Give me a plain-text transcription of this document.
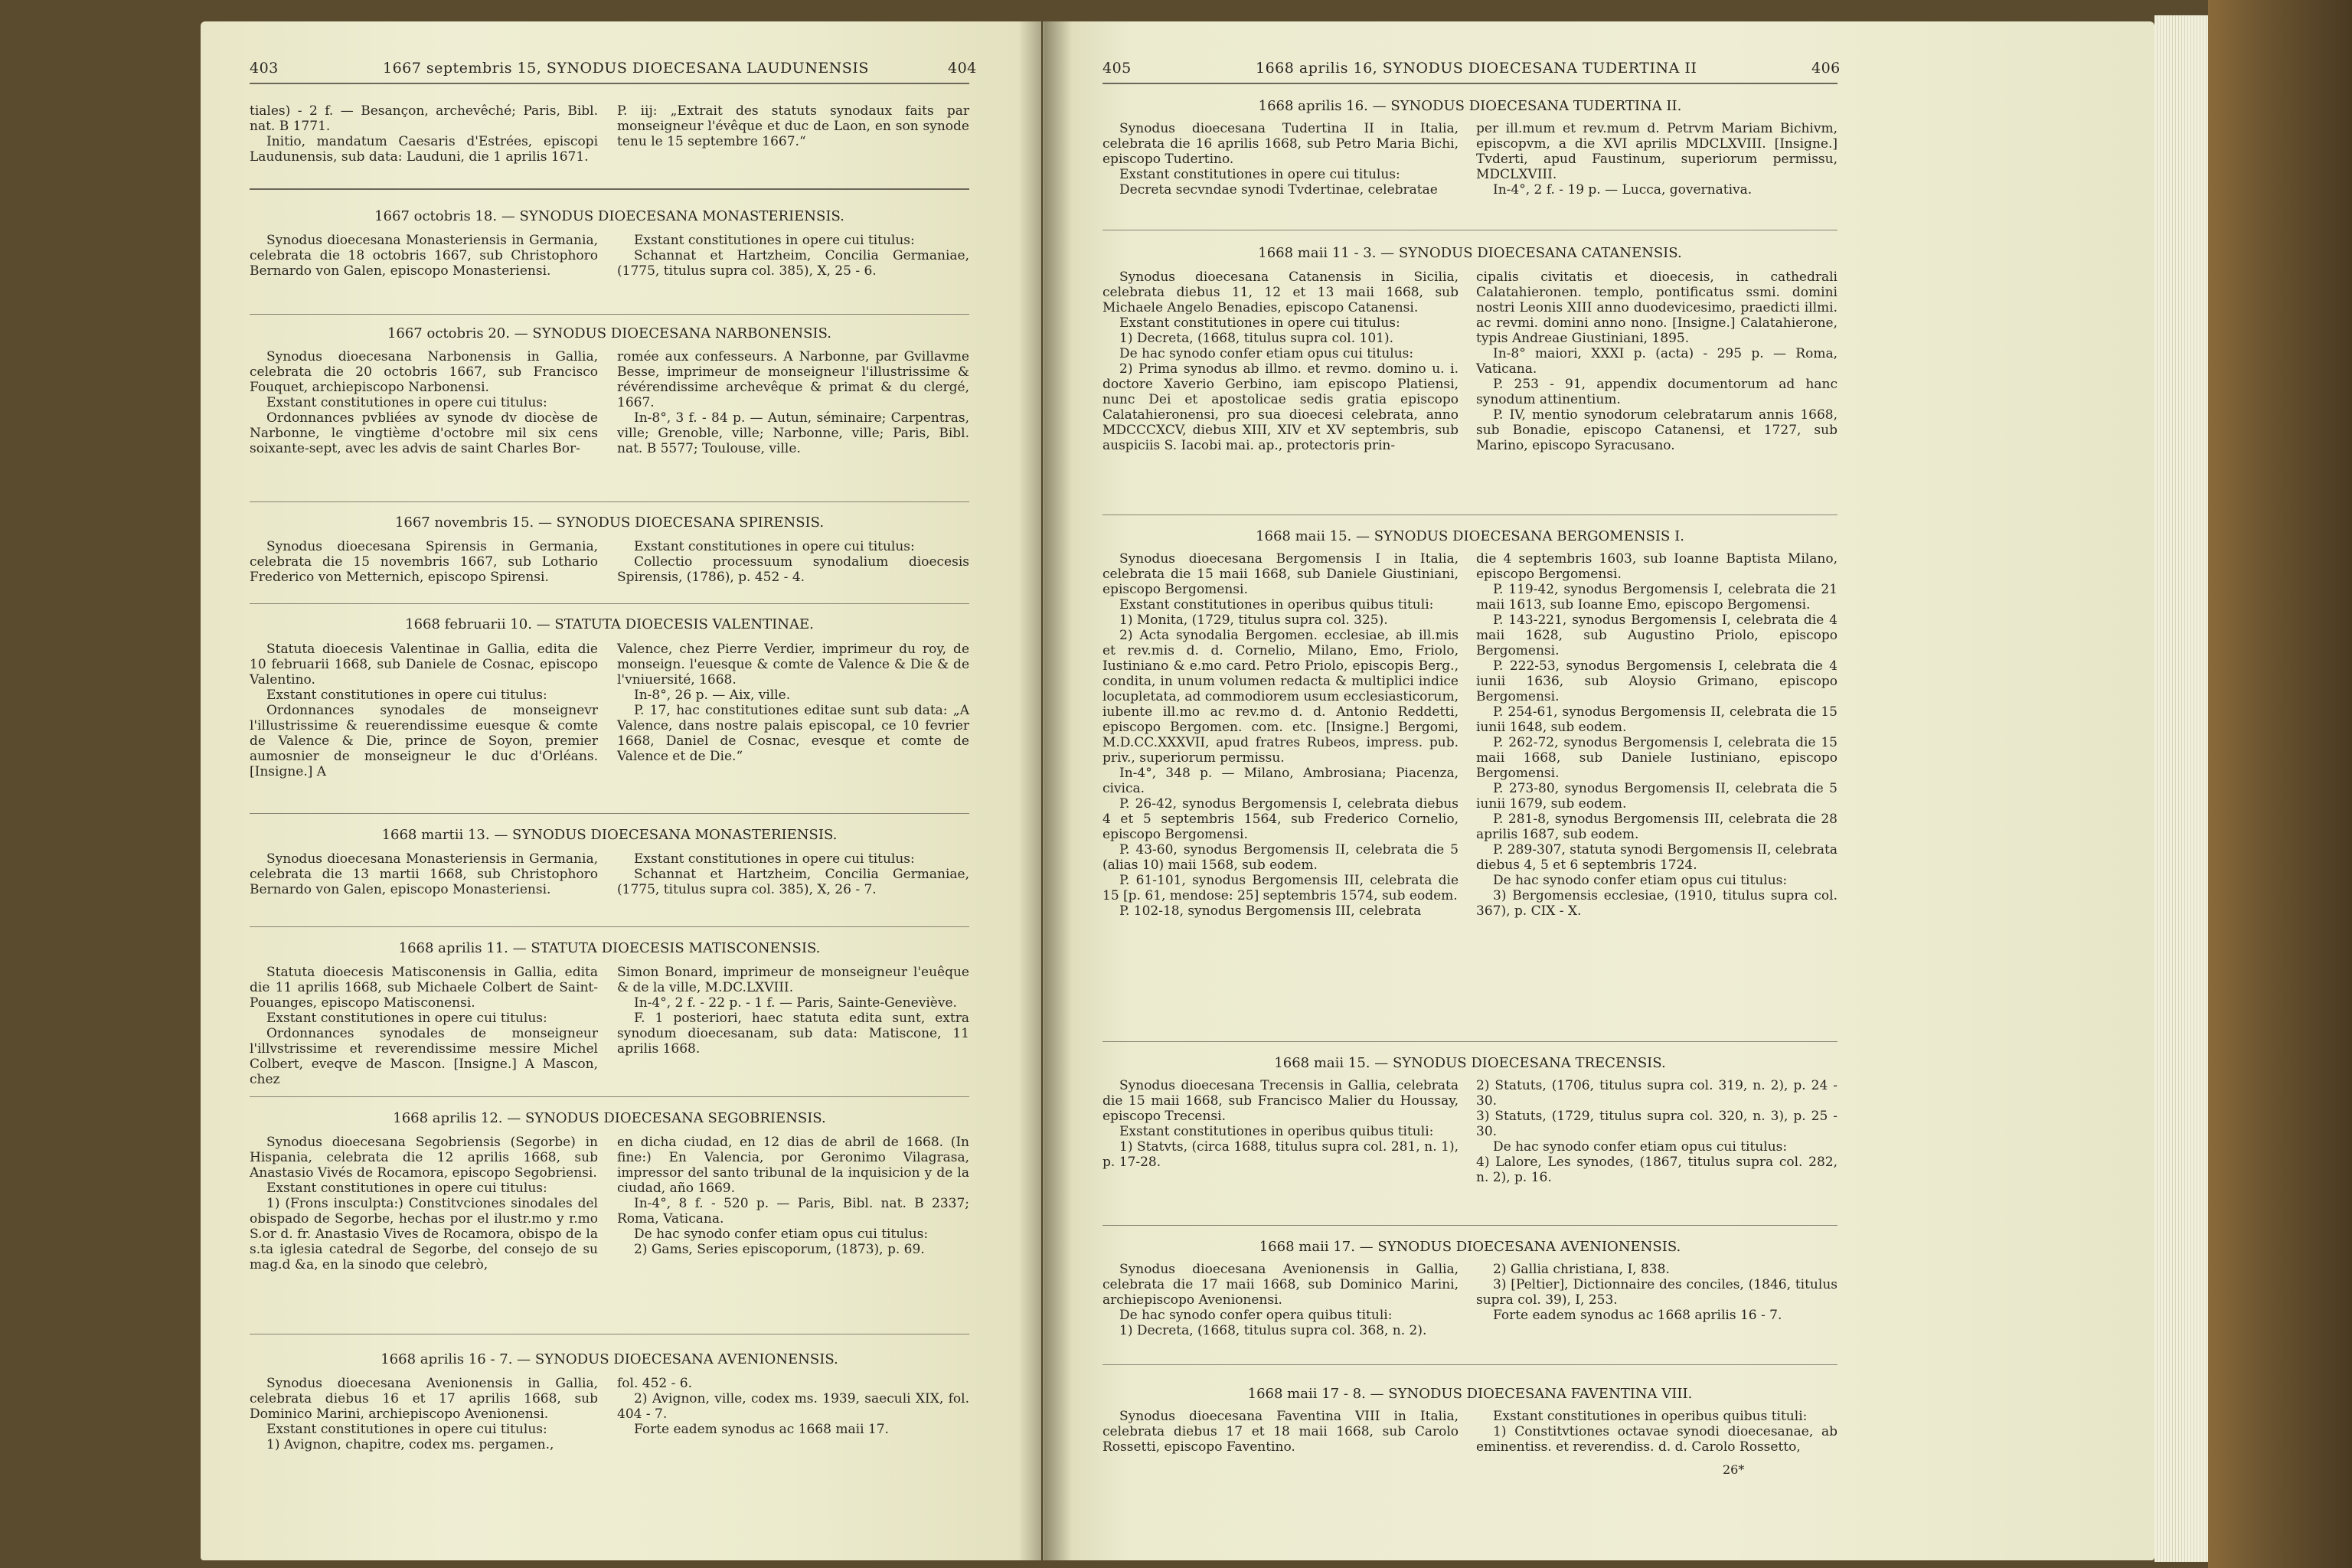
403	1667 septembris 15, SYNODUS DIOECESANA LAUDUNENSIS	404

tiales) - 2 f. — Besançon, archevêché; Paris, Bibl. nat. B 1771.

Initio, mandatum Caesaris d'Estrées, episcopi Laudunensis, sub data: Lauduni, die 1 aprilis 1671.

P. iij: „Extrait des statuts synodaux faits par monseigneur l'évêque et duc de Laon, en son synode tenu le 15 septembre 1667.“

1667 octobris 18. — SYNODUS DIOECESANA MONASTERIENSIS.

Synodus dioecesana Monasteriensis in Germania, celebrata die 18 octobris 1667, sub Christophoro Bernardo von Galen, episcopo Monasteriensi.

Exstant constitutiones in opere cui titulus:

Schannat et Hartzheim, Concilia Germaniae, (1775, titulus supra col. 385), X, 25 - 6.

1667 octobris 20. — SYNODUS DIOECESANA NARBONENSIS.

Synodus dioecesana Narbonensis in Gallia, celebrata die 20 octobris 1667, sub Francisco Fouquet, archiepiscopo Narbonensi.

Exstant constitutiones in opere cui titulus:

Ordonnances pvbliées av synode dv diocèse de Narbonne, le vingtième d'octobre mil six cens soixante-sept, avec les advis de saint Charles Bor-

romée aux confesseurs. A Narbonne, par Gvillavme Besse, imprimeur de monseigneur l'illustrissime & révérendissime archevêque & primat & du clergé, 1667.

In-8°, 3 f. - 84 p. — Autun, séminaire; Carpentras, ville; Grenoble, ville; Narbonne, ville; Paris, Bibl. nat. B 5577; Toulouse, ville.

1667 novembris 15. — SYNODUS DIOECESANA SPIRENSIS.

Synodus dioecesana Spirensis in Germania, celebrata die 15 novembris 1667, sub Lothario Frederico von Metternich, episcopo Spirensi.

Exstant constitutiones in opere cui titulus:

Collectio processuum synodalium dioecesis Spirensis, (1786), p. 452 - 4.

1668 februarii 10. — STATUTA DIOECESIS VALENTINAE.

Statuta dioecesis Valentinae in Gallia, edita die 10 februarii 1668, sub Daniele de Cosnac, episcopo Valentino.

Exstant constitutiones in opere cui titulus:

Ordonnances synodales de monseignevr l'illustrissime & reuerendissime euesque & comte de Valence & Die, prince de Soyon, premier aumosnier de monseigneur le duc d'Orléans. [Insigne.] A

Valence, chez Pierre Verdier, imprimeur du roy, de monseign. l'euesque & comte de Valence & Die & de l'vniuersité, 1668.

In-8°, 26 p. — Aix, ville.

P. 17, hac constitutiones editae sunt sub data: „A Valence, dans nostre palais episcopal, ce 10 fevrier 1668, Daniel de Cosnac, evesque et comte de Valence et de Die.“

1668 martii 13. — SYNODUS DIOECESANA MONASTERIENSIS.

Synodus dioecesana Monasteriensis in Germania, celebrata die 13 martii 1668, sub Christophoro Bernardo von Galen, episcopo Monasteriensi.

Exstant constitutiones in opere cui titulus:

Schannat et Hartzheim, Concilia Germaniae, (1775, titulus supra col. 385), X, 26 - 7.

1668 aprilis 11. — STATUTA DIOECESIS MATISCONENSIS.

Statuta dioecesis Matisconensis in Gallia, edita die 11 aprilis 1668, sub Michaele Colbert de Saint-Pouanges, episcopo Matisconensi.

Exstant constitutiones in opere cui titulus:

Ordonnances synodales de monseigneur l'illvstrissime et reverendissime messire Michel Colbert, eveqve de Mascon. [Insigne.] A Mascon, chez

Simon Bonard, imprimeur de monseigneur l'euêque & de la ville, M.DC.LXVIII.

In-4°, 2 f. - 22 p. - 1 f. — Paris, Sainte-Geneviève.

F. 1 posteriori, haec statuta edita sunt, extra synodum dioecesanam, sub data: Matiscone, 11 aprilis 1668.

1668 aprilis 12. — SYNODUS DIOECESANA SEGOBRIENSIS.

Synodus dioecesana Segobriensis (Segorbe) in Hispania, celebrata die 12 aprilis 1668, sub Anastasio Vivés de Rocamora, episcopo Segobriensi.

Exstant constitutiones in opere cui titulus:

1) (Frons insculpta:) Constitvciones sinodales del obispado de Segorbe, hechas por el ilustr.mo y r.mo S.or d. fr. Anastasio Vives de Rocamora, obispo de la s.ta iglesia catedral de Segorbe, del consejo de su mag.d &a, en la sinodo que celebrò,

en dicha ciudad, en 12 dias de abril de 1668. (In fine:) En Valencia, por Geronimo Vilagrasa, impressor del santo tribunal de la inquisicion y de la ciudad, año 1669.

In-4°, 8 f. - 520 p. — Paris, Bibl. nat. B 2337; Roma, Vaticana.

De hac synodo confer etiam opus cui titulus:

2) Gams, Series episcoporum, (1873), p. 69.

1668 aprilis 16 - 7. — SYNODUS DIOECESANA AVENIONENSIS.

Synodus dioecesana Avenionensis in Gallia, celebrata diebus 16 et 17 aprilis 1668, sub Dominico Marini, archiepiscopo Avenionensi.

Exstant constitutiones in opere cui titulus:

1) Avignon, chapitre, codex ms. pergamen.,

fol. 452 - 6.

2) Avignon, ville, codex ms. 1939, saeculi XIX, fol. 404 - 7.

Forte eadem synodus ac 1668 maii 17.

405	1668 aprilis 16, SYNODUS DIOECESANA TUDERTINA II	406
1668 aprilis 16. — SYNODUS DIOECESANA TUDERTINA II.

Synodus dioecesana Tudertina II in Italia, celebrata die 16 aprilis 1668, sub Petro Maria Bichi, episcopo Tudertino.

Exstant constitutiones in opere cui titulus:

Decreta secvndae synodi Tvdertinae, celebratae

per ill.mum et rev.mum d. Petrvm Mariam Bichivm, episcopvm, a die XVI aprilis MDCLXVIII. [Insigne.] Tvderti, apud Faustinum, superiorum permissu, MDCLXVIII.

In-4°, 2 f. - 19 p. — Lucca, governativa.

1668 maii 11 - 3. — SYNODUS DIOECESANA CATANENSIS.

Synodus dioecesana Catanensis in Sicilia, celebrata diebus 11, 12 et 13 maii 1668, sub Michaele Angelo Benadies, episcopo Catanensi.

Exstant constitutiones in opere cui titulus:

1) Decreta, (1668, titulus supra col. 101).

De hac synodo confer etiam opus cui titulus:

2) Prima synodus ab illmo. et revmo. domino u. i. doctore Xaverio Gerbino, iam episcopo Platiensi, nunc Dei et apostolicae sedis gratia episcopo Calatahieronensi, pro sua dioecesi celebrata, anno MDCCCXCV, diebus XIII, XIV et XV septembris, sub auspiciis S. Iacobi mai. ap., protectoris prin-

cipalis civitatis et dioecesis, in cathedrali Calatahieronen. templo, pontificatus ssmi. domini nostri Leonis XIII anno duodevicesimo, praedicti illmi. ac revmi. domini anno nono. [Insigne.] Calatahierone, typis Andreae Giustiniani, 1895.

In-8° maiori, XXXI p. (acta) - 295 p. — Roma, Vaticana.

P. 253 - 91, appendix documentorum ad hanc synodum attinentium.

P. IV, mentio synodorum celebratarum annis 1668, sub Bonadie, episcopo Catanensi, et 1727, sub Marino, episcopo Syracusano.

1668 maii 15. — SYNODUS DIOECESANA BERGOMENSIS I.

Synodus dioecesana Bergomensis I in Italia, celebrata die 15 maii 1668, sub Daniele Giustiniani, episcopo Bergomensi.

Exstant constitutiones in operibus quibus tituli:

1) Monita, (1729, titulus supra col. 325).

2) Acta synodalia Bergomen. ecclesiae, ab ill.mis et rev.mis d. d. Cornelio, Milano, Emo, Friolo, Iustiniano & e.mo card. Petro Priolo, episcopis Berg., condita, in unum volumen redacta & multiplici indice locupletata, ad commodiorem usum ecclesiasticorum, iubente ill.mo ac rev.mo d. d. Antonio Reddetti, episcopo Bergomen. com. etc. [Insigne.] Bergomi, M.D.CC.XXXVII, apud fratres Rubeos, impress. pub. priv., superiorum permissu.

In-4°, 348 p. — Milano, Ambrosiana; Piacenza, civica.

P. 26-42, synodus Bergomensis I, celebrata diebus 4 et 5 septembris 1564, sub Frederico Cornelio, episcopo Bergomensi.

P. 43-60, synodus Bergomensis II, celebrata die 5 (alias 10) maii 1568, sub eodem.

P. 61-101, synodus Bergomensis III, celebrata die 15 [p. 61, mendose: 25] septembris 1574, sub eodem.

P. 102-18, synodus Bergomensis III, celebrata

die 4 septembris 1603, sub Ioanne Baptista Milano, episcopo Bergomensi.

P. 119-42, synodus Bergomensis I, celebrata die 21 maii 1613, sub Ioanne Emo, episcopo Bergomensi.

P. 143-221, synodus Bergomensis I, celebrata die 4 maii 1628, sub Augustino Priolo, episcopo Bergomensi.

P. 222-53, synodus Bergomensis I, celebrata die 4 iunii 1636, sub Aloysio Grimano, episcopo Bergomensi.

P. 254-61, synodus Bergomensis II, celebrata die 15 iunii 1648, sub eodem.

P. 262-72, synodus Bergomensis I, celebrata die 15 maii 1668, sub Daniele Iustiniano, episcopo Bergomensi.

P. 273-80, synodus Bergomensis II, celebrata die 5 iunii 1679, sub eodem.

P. 281-8, synodus Bergomensis III, celebrata die 28 aprilis 1687, sub eodem.

P. 289-307, statuta synodi Bergomensis II, celebrata diebus 4, 5 et 6 septembris 1724.

De hac synodo confer etiam opus cui titulus:

3) Bergomensis ecclesiae, (1910, titulus supra col. 367), p. CIX - X.

1668 maii 15. — SYNODUS DIOECESANA TRECENSIS.

Synodus dioecesana Trecensis in Gallia, celebrata die 15 maii 1668, sub Francisco Malier du Houssay, episcopo Trecensi.

Exstant constitutiones in operibus quibus tituli:

1) Statvts, (circa 1688, titulus supra col. 281, n. 1), p. 17-28.

2) Statuts, (1706, titulus supra col. 319, n. 2), p. 24 - 30.

3) Statuts, (1729, titulus supra col. 320, n. 3), p. 25 - 30.

De hac synodo confer etiam opus cui titulus:

4) Lalore, Les synodes, (1867, titulus supra col. 282, n. 2), p. 16.

1668 maii 17. — SYNODUS DIOECESANA AVENIONENSIS.

Synodus dioecesana Avenionensis in Gallia, celebrata die 17 maii 1668, sub Dominico Marini, archiepiscopo Avenionensi.

De hac synodo confer opera quibus tituli:

1) Decreta, (1668, titulus supra col. 368, n. 2).

2) Gallia christiana, I, 838.

3) [Peltier], Dictionnaire des conciles, (1846, titulus supra col. 39), I, 253.

Forte eadem synodus ac 1668 aprilis 16 - 7.

1668 maii 17 - 8. — SYNODUS DIOECESANA FAVENTINA VIII.

Synodus dioecesana Faventina VIII in Italia, celebrata diebus 17 et 18 maii 1668, sub Carolo Rossetti, episcopo Faventino.

Exstant constitutiones in operibus quibus tituli:

1) Constitvtiones octavae synodi dioecesanae, ab eminentiss. et reverendiss. d. d. Carolo Rossetto,

26*
